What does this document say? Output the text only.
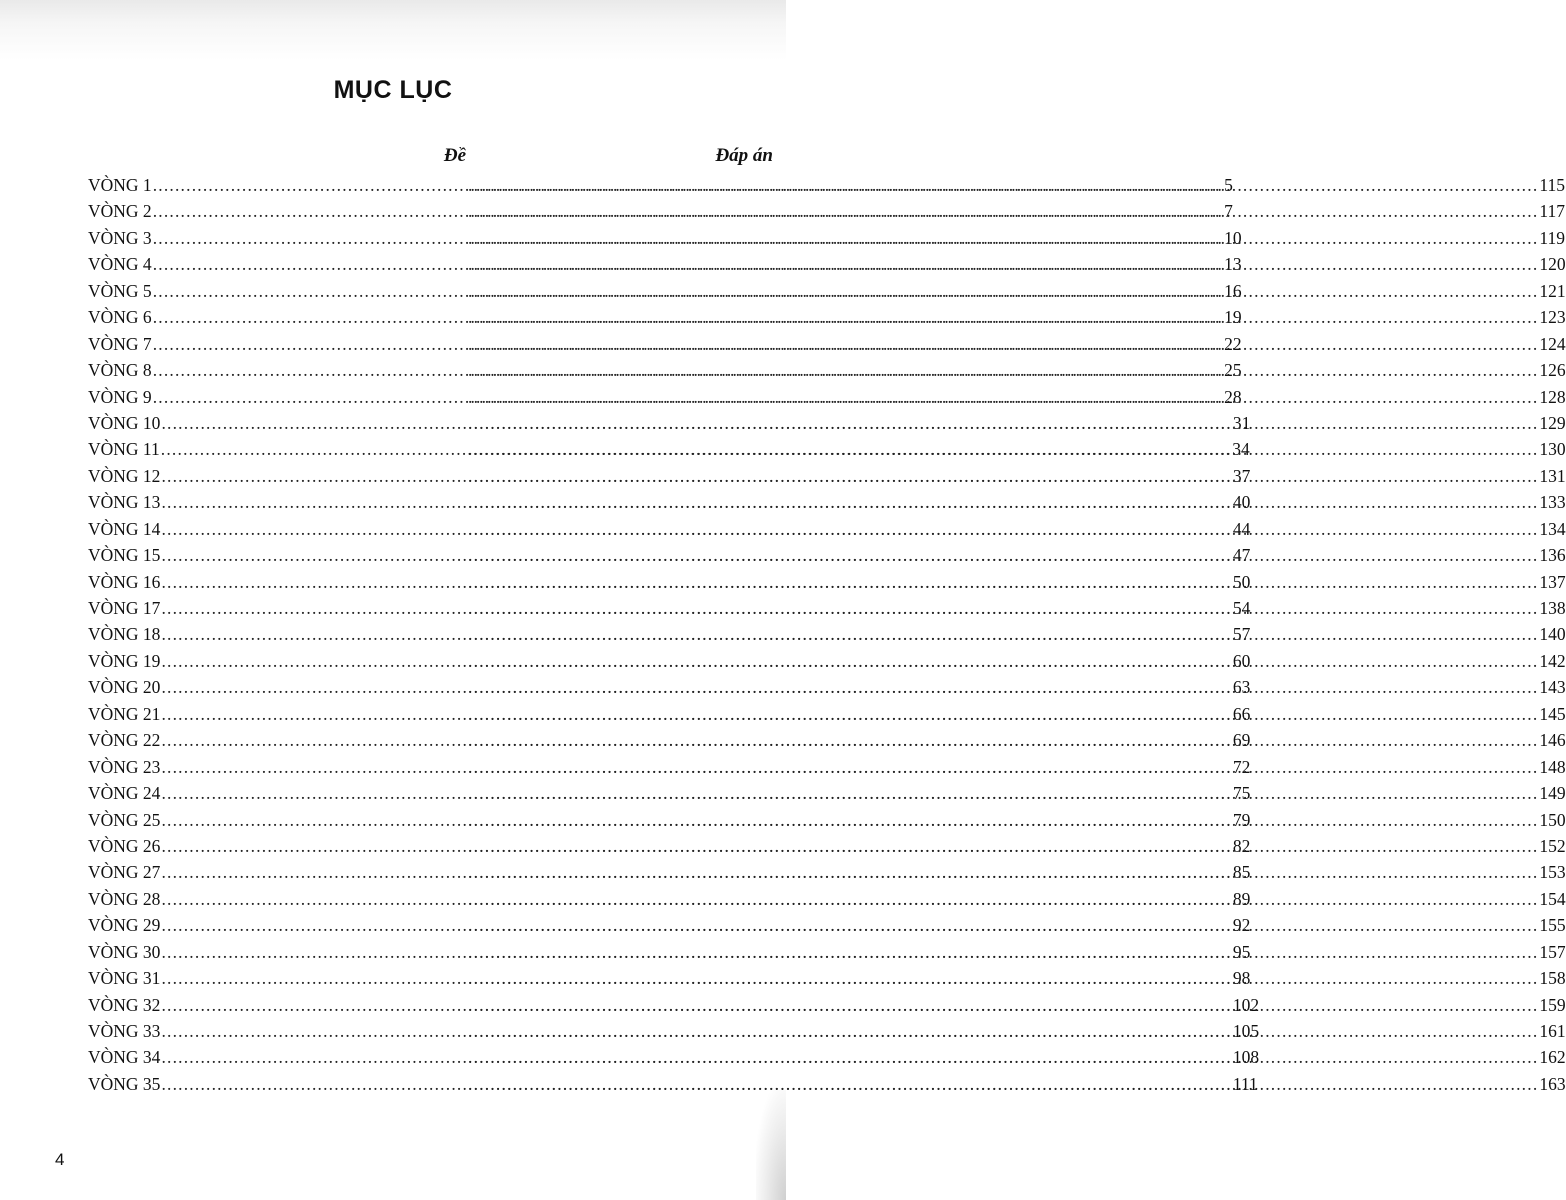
MỤC LỤC
Đề	Đáp án
VÒNG 1 .....	5 .....	115
VÒNG 2 .....	7 .....	117
VÒNG 3 .....	10 .....	119
VÒNG 4 .....	13 .....	120
VÒNG 5 .....	16 .....	121
VÒNG 6 .....	19 .....	123
VÒNG 7 .....	22 .....	124
VÒNG 8 .....	25 .....	126
VÒNG 9 .....	28 .....	128
VÒNG 10 .....	31 .....	129
VÒNG 11 .....	34 .....	130
VÒNG 12 .....	37 .....	131
VÒNG 13 .....	40 .....	133
VÒNG 14 .....	44 .....	134
VÒNG 15 .....	47 .....	136
VÒNG 16 .....	50 .....	137
VÒNG 17 .....	54 .....	138
VÒNG 18 .....	57 .....	140
VÒNG 19 .....	60 .....	142
VÒNG 20 .....	63 .....	143
VÒNG 21 .....	66 .....	145
VÒNG 22 .....	69 .....	146
VÒNG 23 .....	72 .....	148
VÒNG 24 .....	75 .....	149
VÒNG 25 .....	79 .....	150
VÒNG 26 .....	82 .....	152
VÒNG 27 .....	85 .....	153
VÒNG 28 .....	89 .....	154
VÒNG 29 .....	92 .....	155
VÒNG 30 .....	95 .....	157
VÒNG 31 .....	98 .....	158
VÒNG 32 .....	102 .....	159
VÒNG 33 .....	105 .....	161
VÒNG 34 .....	108 .....	162
VÒNG 35 .....	111 .....	163
4
